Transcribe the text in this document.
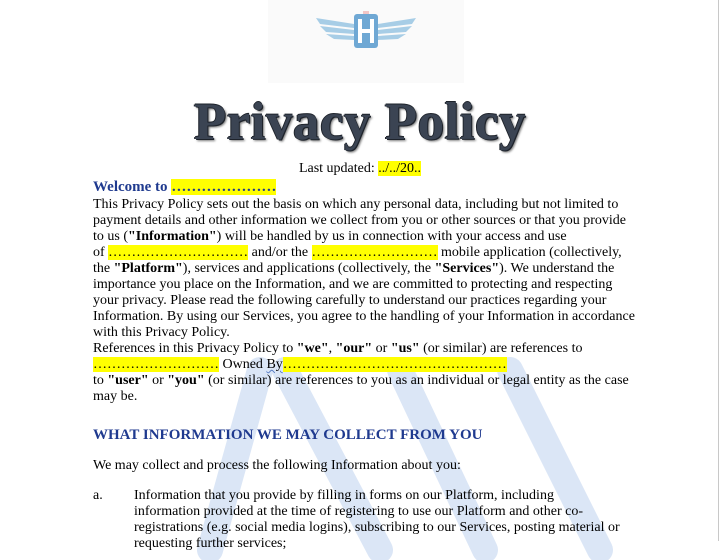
Privacy Policy
Last updated: ../../20..
Welcome to …………………
This Privacy Policy sets out the basis on which any personal data, including but not limited to
payment details and other information we collect from you or other sources or that you provide
to us ("Information") will be handled by us in connection with your access and use
of ………………………… and/or the ……………………… mobile application (collectively,
the "Platform"), services and applications (collectively, the "Services"). We understand the
importance you place on the Information, and we are committed to protecting and respecting
your privacy. Please read the following carefully to understand our practices regarding your
Information. By using our Services, you agree to the handling of your Information in accordance
with this Privacy Policy.
References in this Privacy Policy to "we", "our" or "us" (or similar) are references to
……………………… Owned By…………………………………………
to "user" or "you" (or similar) are references to you as an individual or legal entity as the case
may be.
WHAT INFORMATION WE MAY COLLECT FROM YOU
We may collect and process the following Information about you:
a.	Information that you provide by filling in forms on our Platform, including
information provided at the time of registering to use our Platform and other co-
registrations (e.g. social media logins), subscribing to our Services, posting material or
requesting further services;
